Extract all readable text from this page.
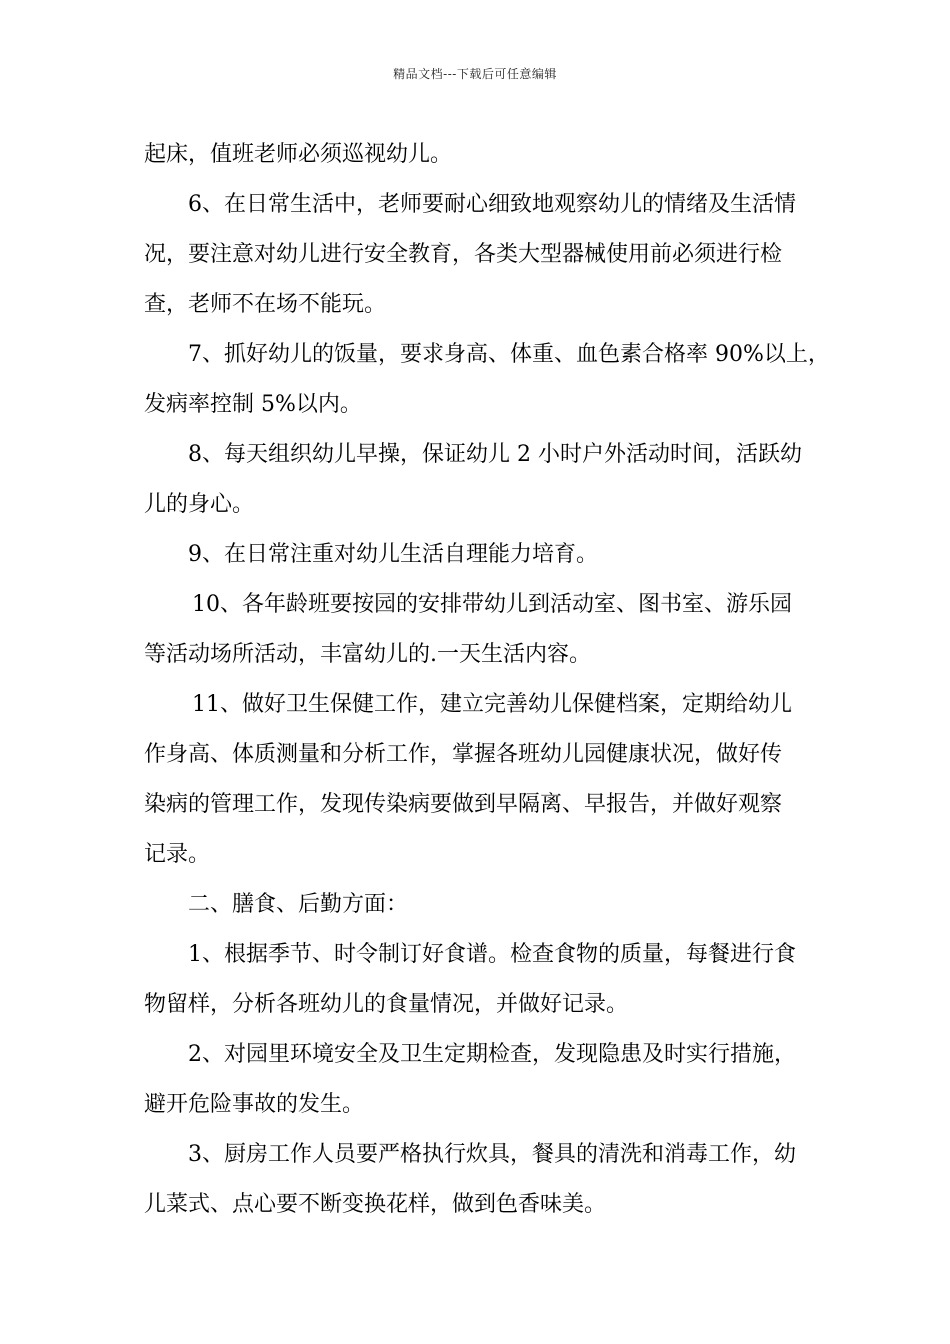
精品文档---下载后可任意编辑
起床，值班老师必须巡视幼儿。
6、在日常生活中，老师要耐心细致地观察幼儿的情绪及生活情
况，要注意对幼儿进行安全教育，各类大型器械使用前必须进行检
查，老师不在场不能玩。
7、抓好幼儿的饭量，要求身高、体重、血色素合格率 90%以上，
发病率控制 5%以内。
8、每天组织幼儿早操，保证幼儿 2 小时户外活动时间，活跃幼
儿的身心。
9、在日常注重对幼儿生活自理能力培育。
10、各年龄班要按园的安排带幼儿到活动室、图书室、游乐园
等活动场所活动，丰富幼儿的.一天生活内容。
11、做好卫生保健工作，建立完善幼儿保健档案，定期给幼儿
作身高、体质测量和分析工作，掌握各班幼儿园健康状况，做好传
染病的管理工作，发现传染病要做到早隔离、早报告，并做好观察
记录。
二、膳食、后勤方面：
1、根据季节、时令制订好食谱。检查食物的质量，每餐进行食
物留样，分析各班幼儿的食量情况，并做好记录。
2、对园里环境安全及卫生定期检查，发现隐患及时实行措施，
避开危险事故的发生。
3、厨房工作人员要严格执行炊具，餐具的清洗和消毒工作，幼
儿菜式、点心要不断变换花样，做到色香味美。
